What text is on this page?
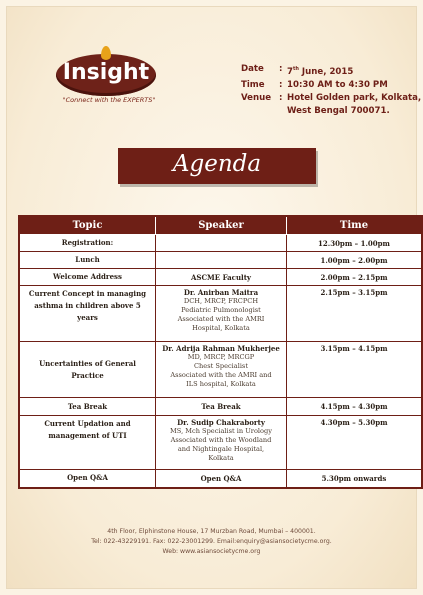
Insight
"Connect with the EXPERTS"
Date	: 7th June, 2015
Time	: 10:30 AM to 4:30 PM
Venue : Hotel Golden park, Kolkata,
West Bengal 700071.
Agenda
Topic	Speaker	Time
Registration:		12.30pm – 1.00pm
Lunch		1.00pm – 2.00pm
Welcome Address	ASCME Faculty	2.00pm – 2.15pm
Current Concept in managing asthma in children above 5 years	Dr. Anirban Maitra
DCH, MRCP, FRCPCH
Pediatric Pulmonologist
Associated with the AMRI
Hospital, Kolkata	2.15pm – 3.15pm
Uncertainties of General Practice	Dr. Adrija Rahman Mukherjee
MD, MRCP, MRCGP
Chest Specialist
Associated with the AMRI and
ILS hospital, Kolkata	3.15pm – 4.15pm
Tea Break	Tea Break	4.15pm – 4.30pm
Current Updation and management of UTI	Dr. Sudip Chakraborty
MS, Mch Specialist in Urology
Associated with the Woodland
and Nightingale Hospital,
Kolkata	4.30pm – 5.30pm
Open Q&A	Open Q&A	5.30pm onwards
4th Floor, Elphinstone House, 17 Murzban Road, Mumbai – 400001.
Tel: 022-43229191. Fax: 022-23001299. Email:enquiry@asiansocietycme.org.
Web: www.asiansocietycme.org
